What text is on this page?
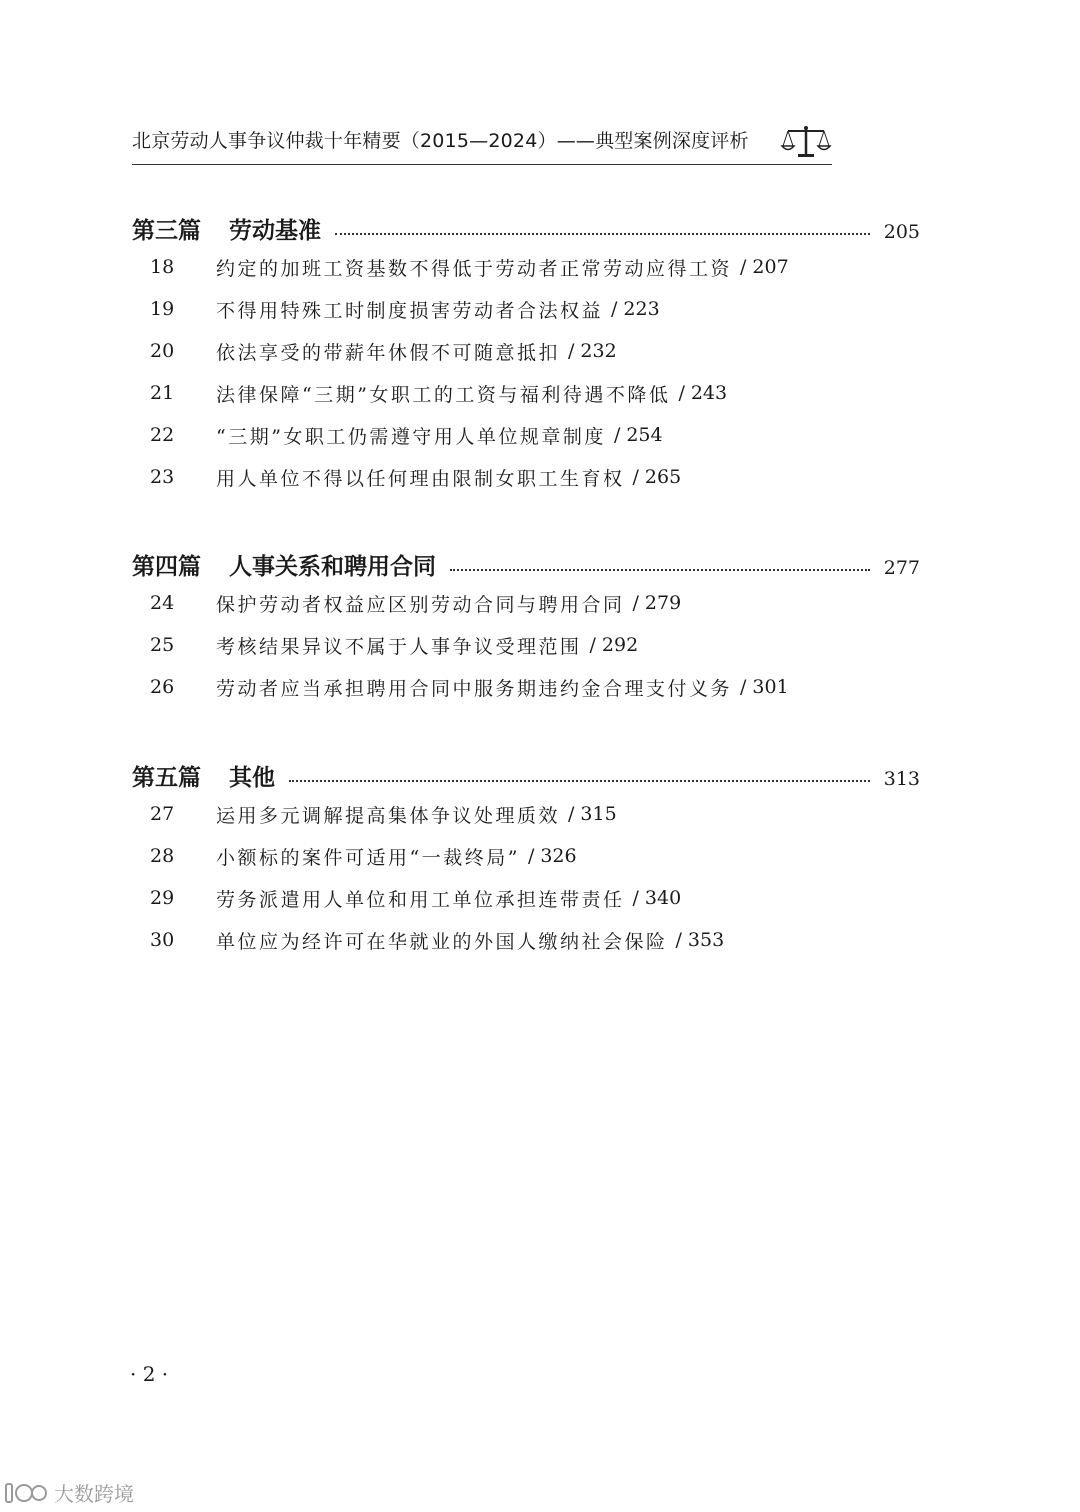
北京劳动人事争议仲裁十年精要（2015—2024）——典型案例深度评析
第三篇 劳动基准	205
18	约定的加班工资基数不得低于劳动者正常劳动应得工资 / 207
19	不得用特殊工时制度损害劳动者合法权益 / 223
20	依法享受的带薪年休假不可随意抵扣 / 232
21	法律保障“三期”女职工的工资与福利待遇不降低 / 243
22	“三期”女职工仍需遵守用人单位规章制度 / 254
23	用人单位不得以任何理由限制女职工生育权 / 265
第四篇 人事关系和聘用合同	277
24	保护劳动者权益应区别劳动合同与聘用合同 / 279
25	考核结果异议不属于人事争议受理范围 / 292
26	劳动者应当承担聘用合同中服务期违约金合理支付义务 / 301
第五篇 其他	313
27	运用多元调解提高集体争议处理质效 / 315
28	小额标的案件可适用“一裁终局” / 326
29	劳务派遣用人单位和用工单位承担连带责任 / 340
30	单位应为经许可在华就业的外国人缴纳社会保险 / 353
· 2 ·
大数跨境
